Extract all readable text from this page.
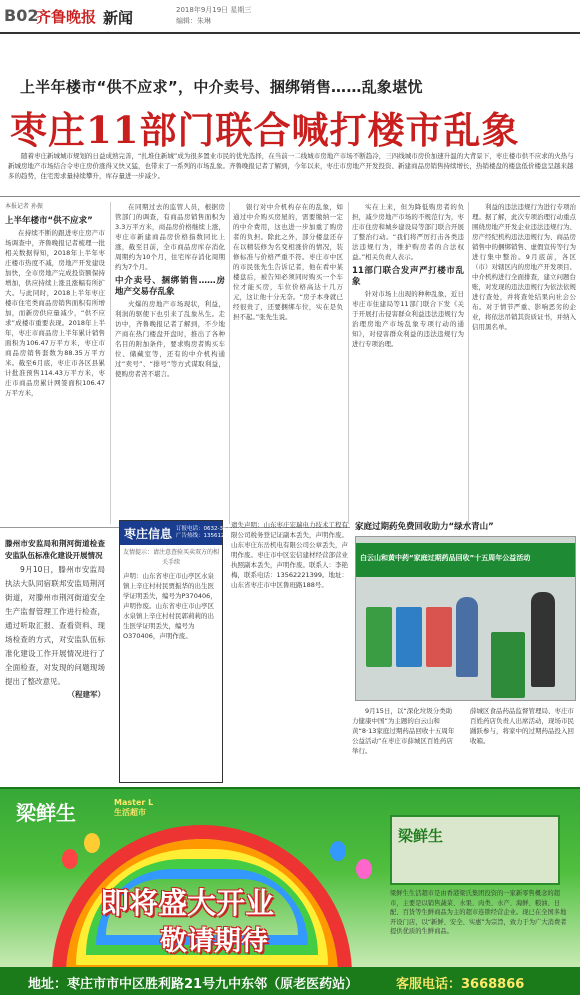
B02
齐鲁晚报 新闻	2018年9月19日 星期三
编辑：朱琳
上半年楼市“供不应求”，中介卖号、捆绑销售……乱象堪忧
枣庄11部门联合喊打楼市乱象
随着枣庄新城城市规划的日益成熟完善，“扎堆住新城”成为很多置业市民的优先选择，在当前一二线城市房地产市场不断趋冷，三四线城市房价加速升温的大背景下，枣庄楼市供不应求的火热与新城房地产市场结合令枣庄房价涨得又快又猛，也带来了一系列的市场乱象。齐鲁晚报记者了解到，今年以来，枣庄市房地产开发投资、新建商品房销售持续增长，热销楼盘的楼盘低价楼盘呈越来越多的趋势，住宅需求量持续攀升，库存量进一步减少。

本报记者 孙振

上半年楼市“供不应求”

在持续不断的跟进枣庄房产市场调查中，齐鲁晚报记者梳理一批相关数据得知，2018年上半年枣庄楼市热度不减，房地产开发建设加快，全市房地产完成投资额保持增加，供应持续上涨且涨幅有所扩大。与此同时，2018上半年枣庄楼市住宅类商品房销售面积有所增加，而新房供应量减少，“供不应求”成楼市重要表现。2018年上半年，枣庄市商品房上半年累计销售面积为106.47万平方米，枣庄市商品房销售套数为88.35万平方米。截至6月底，枣庄市各区县累计批准预售114.43万平方米，枣庄市商品房累计网签面积106.47万平方米，

在同期过去的监管人员，根据房管部门的调查，有商品房销售面积为3.3万平方米，商品房价格继续上涨，枣庄市新建商品房价格指数同比上涨，截至目前，全市商品房库存消化周期约为10个月，住宅库存消化周期约为7个月。

中介卖号、捆绑销售……房地产交易存乱象

火爆的房地产市场现状，利益，利润的驱使下也引来了乱象丛生。走访中，齐鲁晚报记者了解到，不少地产商在热门楼盘开盘时，推出了各种名目的附加条件，要求购房者购买车位、储藏室等，还有的中介机构通过“卖号”、“排号”等方式谋取利益，使购房者苦不堪言。

银行对中介机构存在的乱象，如通过中介购买房屋的，需要缴纳一定的中介费用，这也进一步加重了购房者的负担。除此之外，部分楼盘还存在以精装修为名变相涨价的情况，装修标准与价格严重不符。枣庄市中区的市民张先生告诉记者，他在看中某楼盘后，被告知必须同时购买一个车位才能买房，车位价格高达十几万元，这让他十分无奈。“房子本身就已经很贵了，还要捆绑车位，实在是负担不起。”张先生说。

实在上来，但为降低购房者的负担，减少房地产市场的不规范行为，枣庄市住房和城乡建设局等部门联合开展了整治行动。“我们将严厉打击各类违法违规行为，维护购房者的合法权益。”相关负责人表示。

11部门联合发声严打楼市乱象

针对市场上出现的种种乱象，近日枣庄市住建局等11部门联合下发《关于开展打击侵害群众利益违法违规行为治理房地产市场乱象专项行动的通知》，对侵害群众利益的违法违规行为进行专项治理。

利益的违法违规行为进行专项治理。据了解，此次专项治理行动重点围绕房地产开发企业违法违规行为、房产经纪机构违法违规行为、商品房销售中的捆绑销售、虚假宣传等行为进行集中整治。9月底前，各区（市）对辖区内的房地产开发项目、中介机构进行全面排查，建立问题台账，对发现的违法违规行为依法依规进行查处，并将查处结果向社会公布。对于情节严重、影响恶劣的企业，将依法吊销其资质证书，并纳入信用黑名单。

滕州市安监局和荆河街道检查安监队伍标准化建设开展情况

9月10日，滕州市安监局执法大队同宿联邦安监局荆河街道，对滕州市荆河街道安全生产监督管理工作进行检查，通过听取汇报、查看资料、现场检查的方式，对安监队伍标准化建设工作开展情况进行了全面检查，对发现的问题现场提出了整改意见。

（程建军）
枣庄信息 订报电话：0632-3672827
广告热线：13561224309
友情提示：请注意查验买卖双方的相关手续
声明：山东省枣庄市山亭区水泉镇上辛庄村村民贾振华的出生医学证明丢失，编号为P370406，声明作废。山东省枣庄市山亭区水泉镇上辛庄村村民郭莉莉的出生医学证明丢失，编号为O370406，声明作废。
遗失声明：山东枣庄宏瑞电力技术工程有限公司税务登记证副本丢失，声明作废。山东枣庄东岳机电有限公司公章丢失，声明作废。枣庄市中区宏信建材经营部营业执照副本丢失，声明作废。联系人：李艳梅，联系电话：13562221399。地址：山东省枣庄市中区鲁班路188号。
家庭过期药免费回收助力“绿水青山”
白云山和黄中药“家庭过期药品回收”十五周年公益活动
9月15日，以“深化垃圾分类助力健康中国”为主题的白云山和黄“8·13家庭过期药品回收十五周年公益活动”在枣庄市薛城区百姓药店举行。
薛城区食品药品监督管理局、枣庄市百姓药店负责人出席活动，现场市民踊跃参与，将家中的过期药品投入回收箱。
梁鲜生	Master L
生活超市
即将盛大开业
敬请期待
梁鲜生
梁鲜生生活超市是由香港梁氏集团投资的一家新零售概念的超市，主要是以销售蔬菜、水果、肉类、水产、海鲜、粮油、日配、百货等生鲜商品为主的超市连锁经营企业。现已在全国多地开设门店，以“新鲜、安全、实惠”为宗旨，致力于为广大消费者提供优质的生鲜商品。
地址：枣庄市市中区胜利路21号九中东邻（原老医药站）	客服电话：3668866
